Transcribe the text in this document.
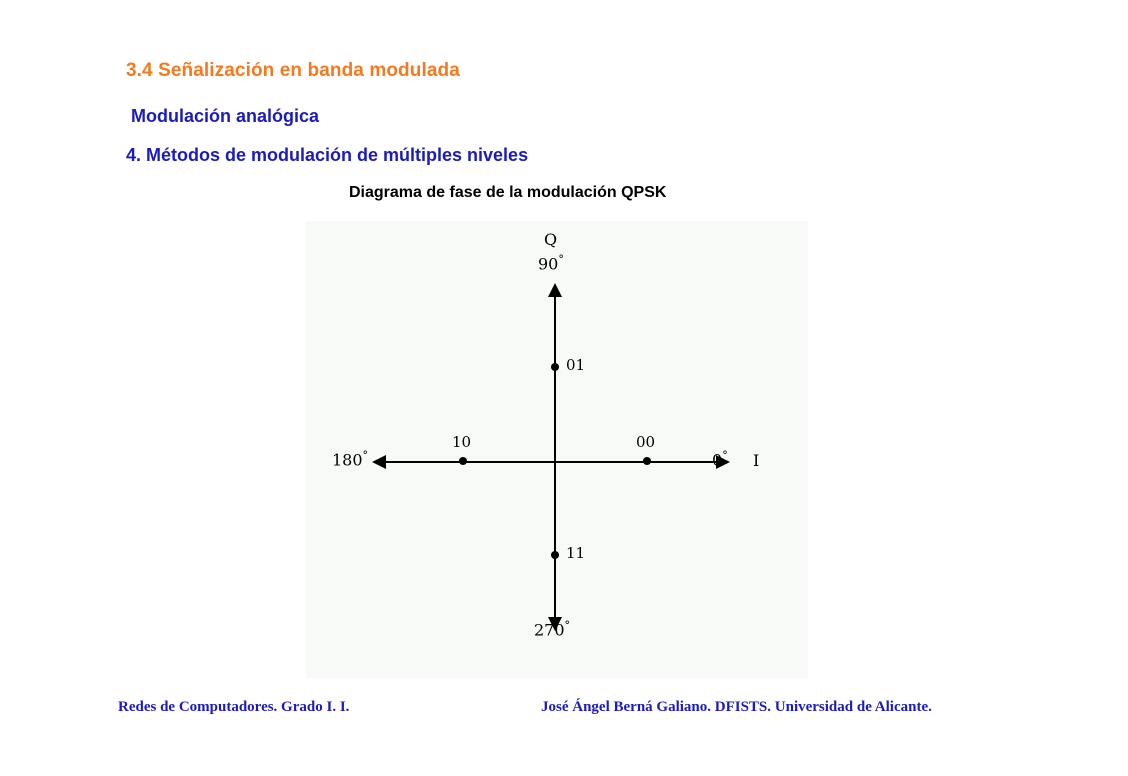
3.4 Señalización en banda modulada
Modulación analógica
4. Métodos de modulación de múltiples niveles
Diagrama de fase de la modulación QPSK
Q
90°
0° I
180°
270°
01
00
11
10
Redes de Computadores. Grado I. I.	José Ángel Berná Galiano. DFISTS. Universidad de Alicante.
